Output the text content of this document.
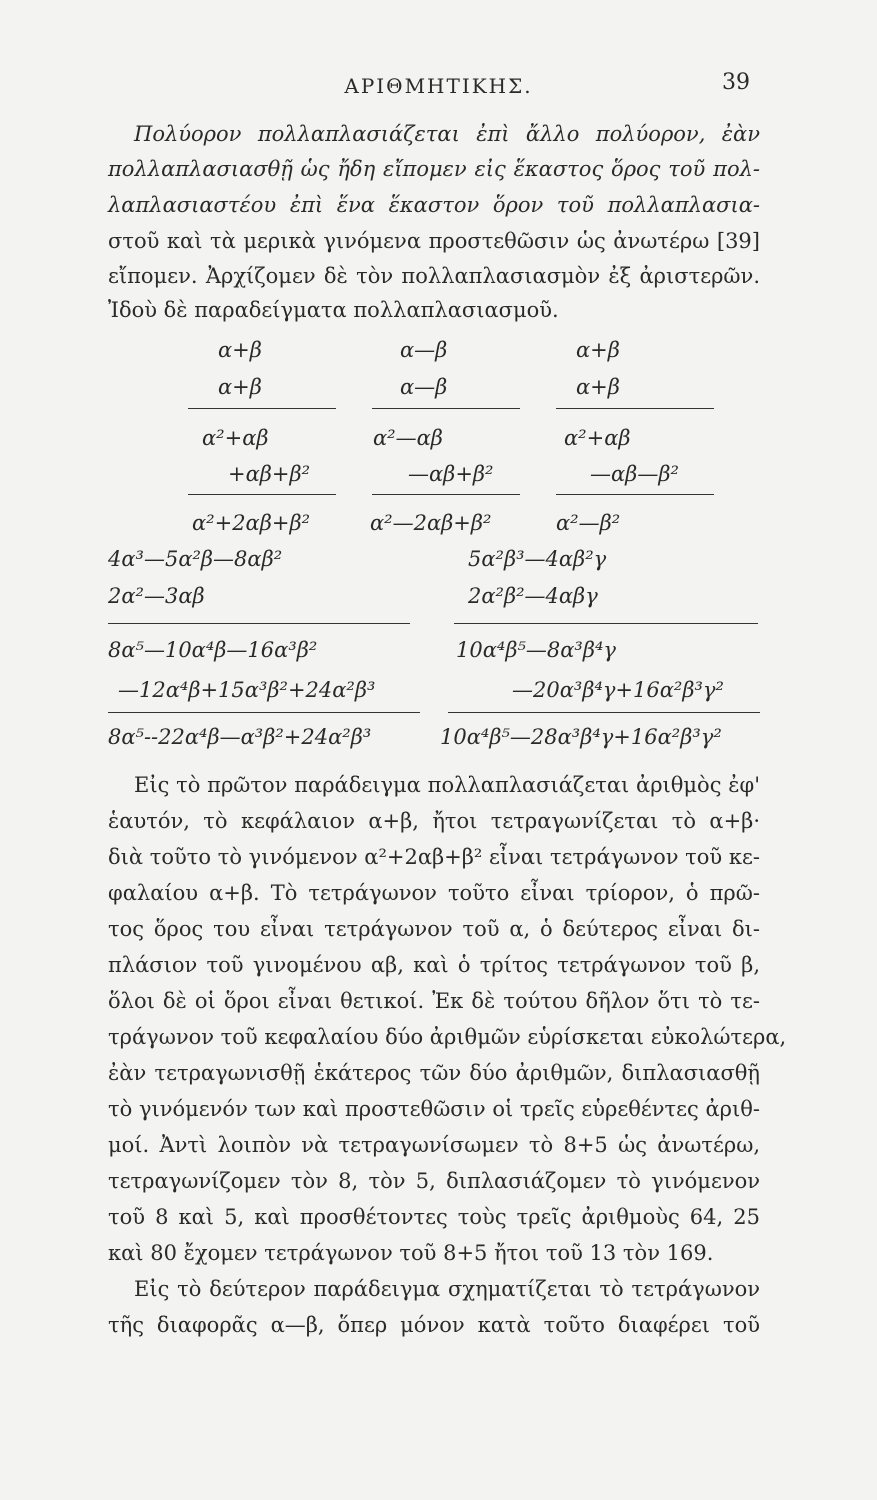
ΑΡΙΘΜΗΤΙΚΗΣ.	39
Πολύορον πολλαπλασιάζεται ἐπὶ ἄλλο πολύορον, ἐὰν
πολλαπλασιασθῇ ὡς ἤδη εἴπομεν εἰς ἕκαστος ὅρος τοῦ πολ-
λαπλασιαστέου ἐπὶ ἕνα ἕκαστον ὅρον τοῦ πολλαπλασια-
στοῦ καὶ τὰ μερικὰ γινόμενα προστεθῶσιν ὡς ἀνωτέρω [39]
εἴπομεν. Ἀρχίζομεν δὲ τὸν πολλαπλασιασμὸν ἐξ ἀριστερῶν.
Ἰδοὺ δὲ παραδείγματα πολλαπλασιασμοῦ.
α+β
α+β
α²+αβ
+αβ+β²
α²+2αβ+β²
α—β
α—β
α²—αβ
—αβ+β²
α²—2αβ+β²
α+β
α+β
α²+αβ
—αβ—β²
α²—β²
4α³—5α²β—8αβ²
2α²—3αβ
8α⁵—10α⁴β—16α³β²
—12α⁴β+15α³β²+24α²β³
8α⁵--22α⁴β—α³β²+24α²β³
5α²β³—4αβ²γ
2α²β²—4αβγ
10α⁴β⁵—8α³β⁴γ
—20α³β⁴γ+16α²β³γ²
10α⁴β⁵—28α³β⁴γ+16α²β³γ²
Εἰς τὸ πρῶτον παράδειγμα πολλαπλασιάζεται ἀριθμὸς ἐφ'
ἑαυτόν, τὸ κεφάλαιον α+β, ἤτοι τετραγωνίζεται τὸ α+β·
διὰ τοῦτο τὸ γινόμενον α²+2αβ+β² εἶναι τετράγωνον τοῦ κε-
φαλαίου α+β. Τὸ τετράγωνον τοῦτο εἶναι τρίορον, ὁ πρῶ-
τος ὅρος του εἶναι τετράγωνον τοῦ α, ὁ δεύτερος εἶναι δι-
πλάσιον τοῦ γινομένου αβ, καὶ ὁ τρίτος τετράγωνον τοῦ β,
ὅλοι δὲ οἱ ὅροι εἶναι θετικοί. Ἐκ δὲ τούτου δῆλον ὅτι τὸ τε-
τράγωνον τοῦ κεφαλαίου δύο ἀριθμῶν εὑρίσκεται εὐκολώτερα,
ἐὰν τετραγωνισθῇ ἑκάτερος τῶν δύο ἀριθμῶν, διπλασιασθῇ
τὸ γινόμενόν των καὶ προστεθῶσιν οἱ τρεῖς εὑρεθέντες ἀριθ-
μοί. Ἀντὶ λοιπὸν νὰ τετραγωνίσωμεν τὸ 8+5 ὡς ἀνωτέρω,
τετραγωνίζομεν τὸν 8, τὸν 5, διπλασιάζομεν τὸ γινόμενον
τοῦ 8 καὶ 5, καὶ προσθέτοντες τοὺς τρεῖς ἀριθμοὺς 64, 25
καὶ 80 ἔχομεν τετράγωνον τοῦ 8+5 ἤτοι τοῦ 13 τὸν 169.
Εἰς τὸ δεύτερον παράδειγμα σχηματίζεται τὸ τετράγωνον
τῆς διαφορᾶς α—β, ὅπερ μόνον κατὰ τοῦτο διαφέρει τοῦ
